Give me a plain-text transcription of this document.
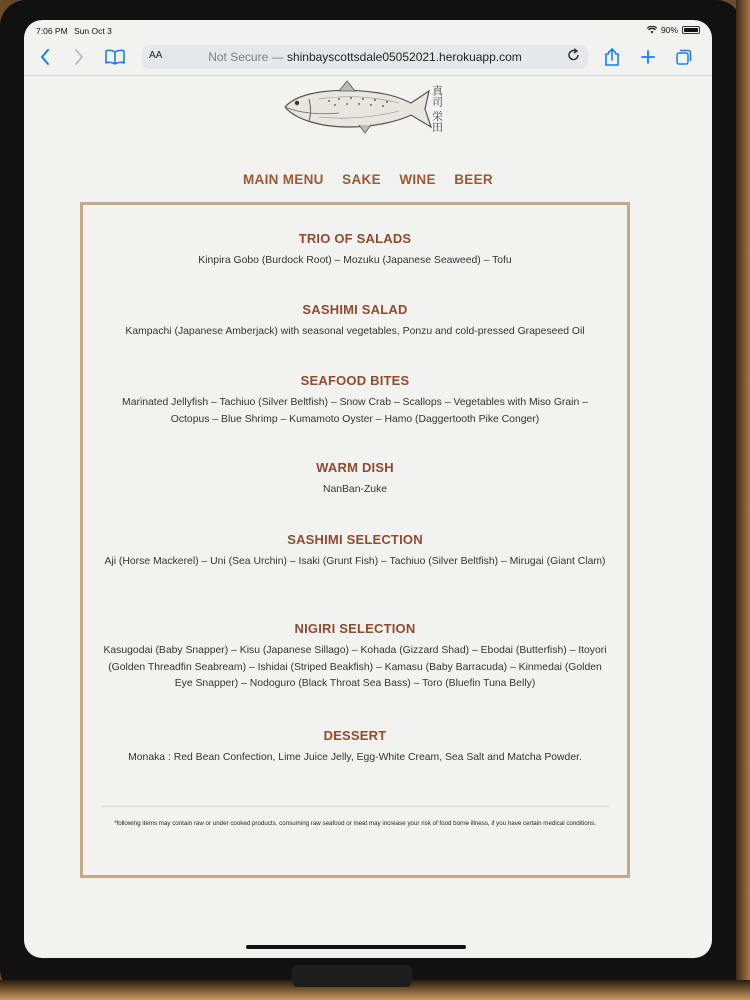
7:06 PM Sun Oct 3	90%
AA	Not Secure — shinbayscottsdale05052021.herokuapp.com
真司 栄田
MAIN MENU SAKE WINE BEER
TRIO OF SALADS

Kinpira Gobo (Burdock Root) – Mozuku (Japanese Seaweed) – Tofu

SASHIMI SALAD

Kampachi (Japanese Amberjack) with seasonal vegetables, Ponzu and cold-pressed Grapeseed Oil

SEAFOOD BITES

Marinated Jellyfish – Tachiuo (Silver Beltfish) – Snow Crab – Scallops – Vegetables with Miso Grain – Octopus – Blue Shrimp – Kumamoto Oyster – Hamo (Daggertooth Pike Conger)

WARM DISH

NanBan-Zuke

SASHIMI SELECTION

Aji (Horse Mackerel) – Uni (Sea Urchin) – Isaki (Grunt Fish) – Tachiuo (Silver Beltfish) – Mirugai (Giant Clam)

NIGIRI SELECTION

Kasugodai (Baby Snapper) – Kisu (Japanese Sillago) – Kohada (Gizzard Shad) – Ebodai (Butterfish) – Itoyori (Golden Threadfin Seabream) – Ishidai (Striped Beakfish) – Kamasu (Baby Barracuda) – Kinmedai (Golden Eye Snapper) – Nodoguro (Black Throat Sea Bass) – Toro (Bluefin Tuna Belly)

DESSERT

Monaka : Red Bean Confection, Lime Juice Jelly, Egg-White Cream, Sea Salt and Matcha Powder.

*following items may contain raw or under cooked products. consuming raw seafood or meat may increase your risk of food borne illness, if you have certain medical conditions.
